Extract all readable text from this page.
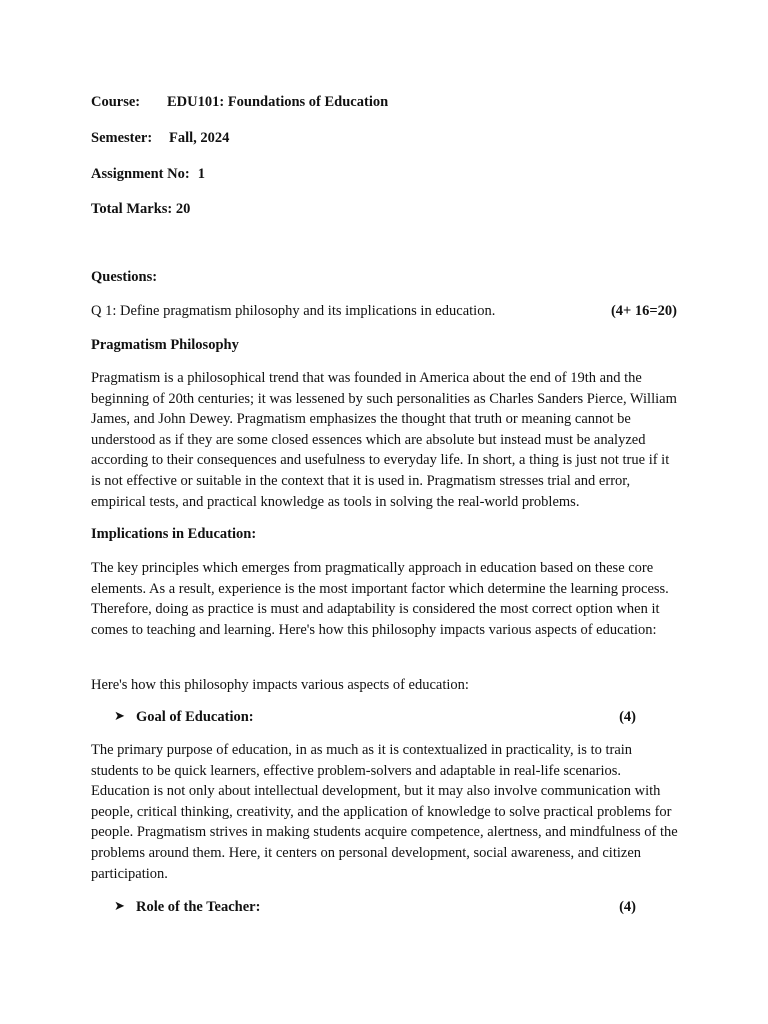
Course: EDU101: Foundations of Education
Semester: Fall, 2024
Assignment No: 1
Total Marks: 20
Questions:
Q 1: Define pragmatism philosophy and its implications in education.	(4+ 16=20)
Pragmatism Philosophy
Pragmatism is a philosophical trend that was founded in America about the end of 19th and the beginning of 20th centuries; it was lessened by such personalities as Charles Sanders Pierce, William James, and John Dewey. Pragmatism emphasizes the thought that truth or meaning cannot be understood as if they are some closed essences which are absolute but instead must be analyzed according to their consequences and usefulness to everyday life. In short, a thing is just not true if it is not effective or suitable in the context that it is used in. Pragmatism stresses trial and error, empirical tests, and practical knowledge as tools in solving the real-world problems.
Implications in Education:
The key principles which emerges from pragmatically approach in education based on these core elements. As a result, experience is the most important factor which determine the learning process. Therefore, doing as practice is must and adaptability is considered the most correct option when it comes to teaching and learning. Here's how this philosophy impacts various aspects of education:
Here's how this philosophy impacts various aspects of education:
➤ Goal of Education:	(4)
The primary purpose of education, in as much as it is contextualized in practicality, is to train students to be quick learners, effective problem-solvers and adaptable in real-life scenarios. Education is not only about intellectual development, but it may also involve communication with people, critical thinking, creativity, and the application of knowledge to solve practical problems for people. Pragmatism strives in making students acquire competence, alertness, and mindfulness of the problems around them. Here, it centers on personal development, social awareness, and citizen participation.
➤ Role of the Teacher:	(4)
